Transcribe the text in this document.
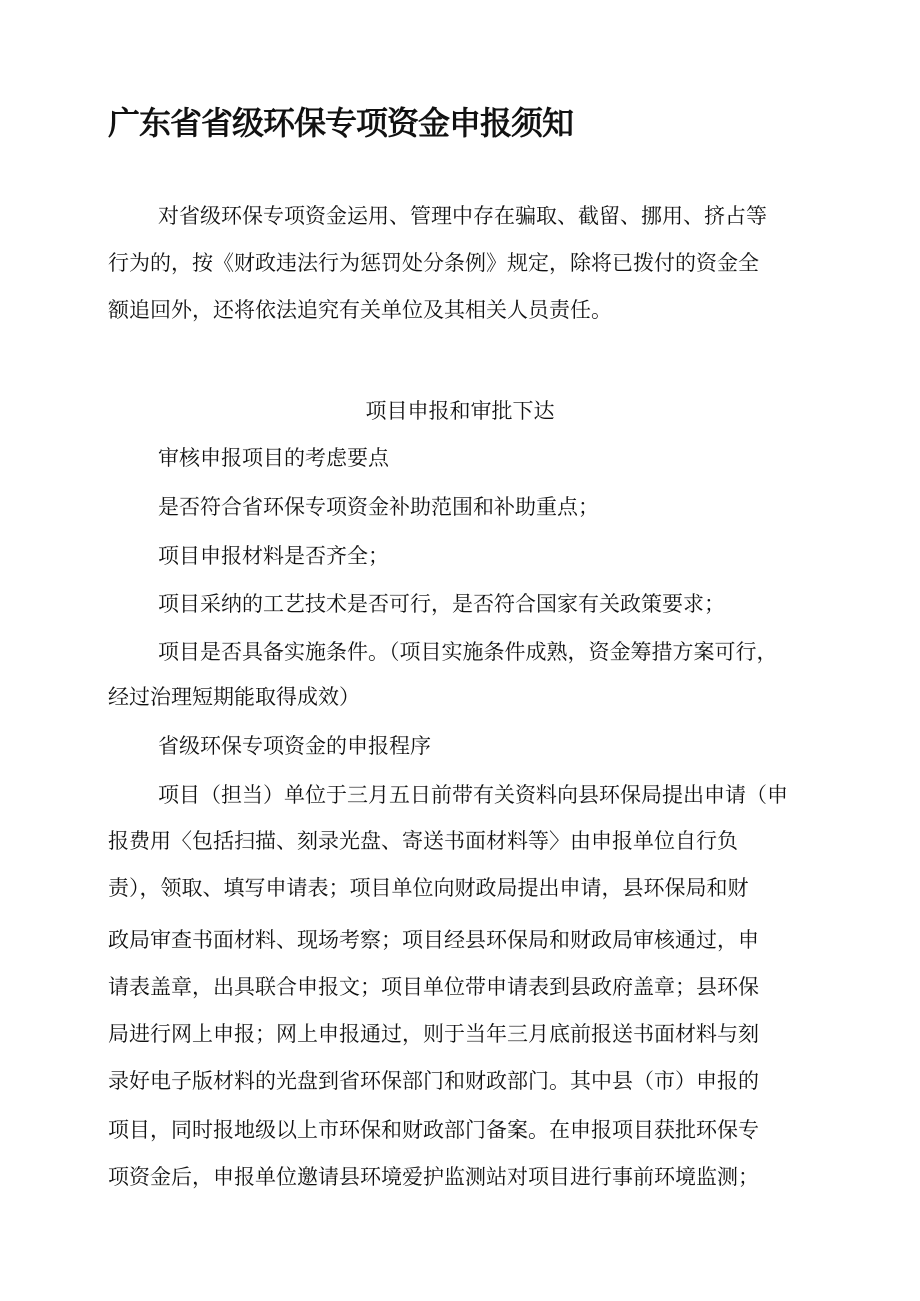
广东省省级环保专项资金申报须知

对省级环保专项资金运用、管理中存在骗取、截留、挪用、挤占等

行为的，按《财政违法行为惩罚处分条例》规定，除将已拨付的资金全

额追回外，还将依法追究有关单位及其相关人员责任。

项目申报和审批下达

审核申报项目的考虑要点

是否符合省环保专项资金补助范围和补助重点；

项目申报材料是否齐全；

项目采纳的工艺技术是否可行，是否符合国家有关政策要求；

项目是否具备实施条件。（项目实施条件成熟，资金筹措方案可行，

经过治理短期能取得成效）

省级环保专项资金的申报程序

项目（担当）单位于三月五日前带有关资料向县环保局提出申请（申

报费用〈包括扫描、刻录光盘、寄送书面材料等〉由申报单位自行负

责），领取、填写申请表；项目单位向财政局提出申请，县环保局和财

政局审查书面材料、现场考察；项目经县环保局和财政局审核通过，申

请表盖章，出具联合申报文；项目单位带申请表到县政府盖章；县环保

局进行网上申报；网上申报通过，则于当年三月底前报送书面材料与刻

录好电子版材料的光盘到省环保部门和财政部门。其中县（市）申报的

项目，同时报地级以上市环保和财政部门备案。在申报项目获批环保专

项资金后，申报单位邀请县环境爱护监测站对项目进行事前环境监测；
